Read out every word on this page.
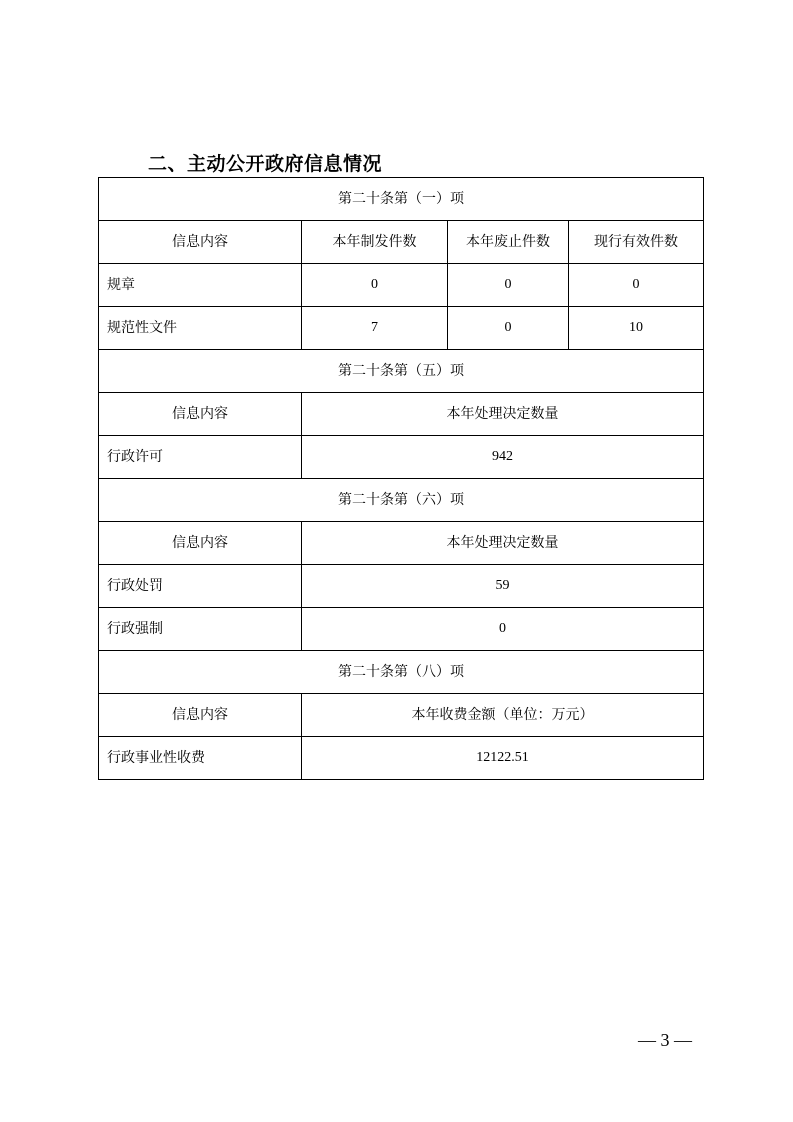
二、主动公开政府信息情况
第二十条第（一）项			
信息内容	本年制发件数	本年废止件数	现行有效件数
规章	0	0	0
规范性文件	7	0	10
第二十条第（五）项			
信息内容	本年处理决定数量		
行政许可	942		
第二十条第（六）项			
信息内容	本年处理决定数量		
行政处罚	59		
行政强制	0		
第二十条第（八）项			
信息内容	本年收费金额（单位：万元）		
行政事业性收费	12122.51		
— 3 —
